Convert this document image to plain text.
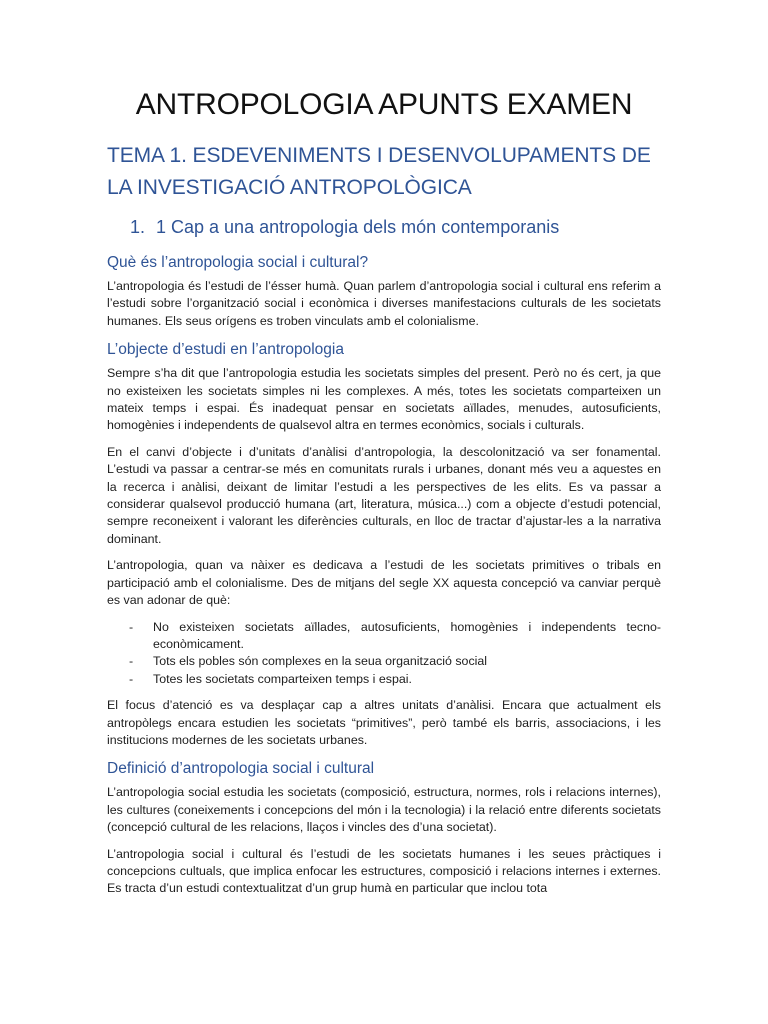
ANTROPOLOGIA APUNTS EXAMEN
TEMA 1. ESDEVENIMENTS I DESENVOLUPAMENTS DE LA INVESTIGACIÓ ANTROPOLÒGICA
1. 1 Cap a una antropologia dels món contemporanis
Què és l’antropologia social i cultural?

L’antropologia és l’estudi de l’ésser humà. Quan parlem d’antropologia social i cultural ens referim a l’estudi sobre l’organització social i econòmica i diverses manifestacions culturals de les societats humanes. Els seus orígens es troben vinculats amb el colonialisme.

L’objecte d’estudi en l’antropologia

Sempre s’ha dit que l’antropologia estudia les societats simples del present. Però no és cert, ja que no existeixen les societats simples ni les complexes. A més, totes les societats comparteixen un mateix temps i espai. És inadequat pensar en societats aïllades, menudes, autosuficients, homogènies i independents de qualsevol altra en termes econòmics, socials i culturals.

En el canvi d’objecte i d’unitats d’anàlisi d’antropologia, la descolonització va ser fonamental. L’estudi va passar a centrar-se més en comunitats rurals i urbanes, donant més veu a aquestes en la recerca i anàlisi, deixant de limitar l’estudi a les perspectives de les elits. Es va passar a considerar qualsevol producció humana (art, literatura, música...) com a objecte d’estudi potencial, sempre reconeixent i valorant les diferències culturals, en lloc de tractar d’ajustar-les a la narrativa dominant.

L’antropologia, quan va nàixer es dedicava a l’estudi de les societats primitives o tribals en participació amb el colonialisme. Des de mitjans del segle XX aquesta concepció va canviar perquè es van adonar de què:

- No existeixen societats aïllades, autosuficients, homogènies i independents tecno-econòmicament.
- Tots els pobles són complexes en la seua organització social
- Totes les societats comparteixen temps i espai.

El focus d’atenció es va desplaçar cap a altres unitats d’anàlisi. Encara que actualment els antropòlegs encara estudien les societats “primitives”, però també els barris, associacions, i les institucions modernes de les societats urbanes.

Definició d’antropologia social i cultural

L’antropologia social estudia les societats (composició, estructura, normes, rols i relacions internes), les cultures (coneixements i concepcions del món i la tecnologia) i la relació entre diferents societats (concepció cultural de les relacions, llaços i vincles des d’una societat).

L’antropologia social i cultural és l’estudi de les societats humanes i les seues pràctiques i concepcions cultuals, que implica enfocar les estructures, composició i relacions internes i externes. Es tracta d’un estudi contextualitzat d’un grup humà en particular que inclou tota
